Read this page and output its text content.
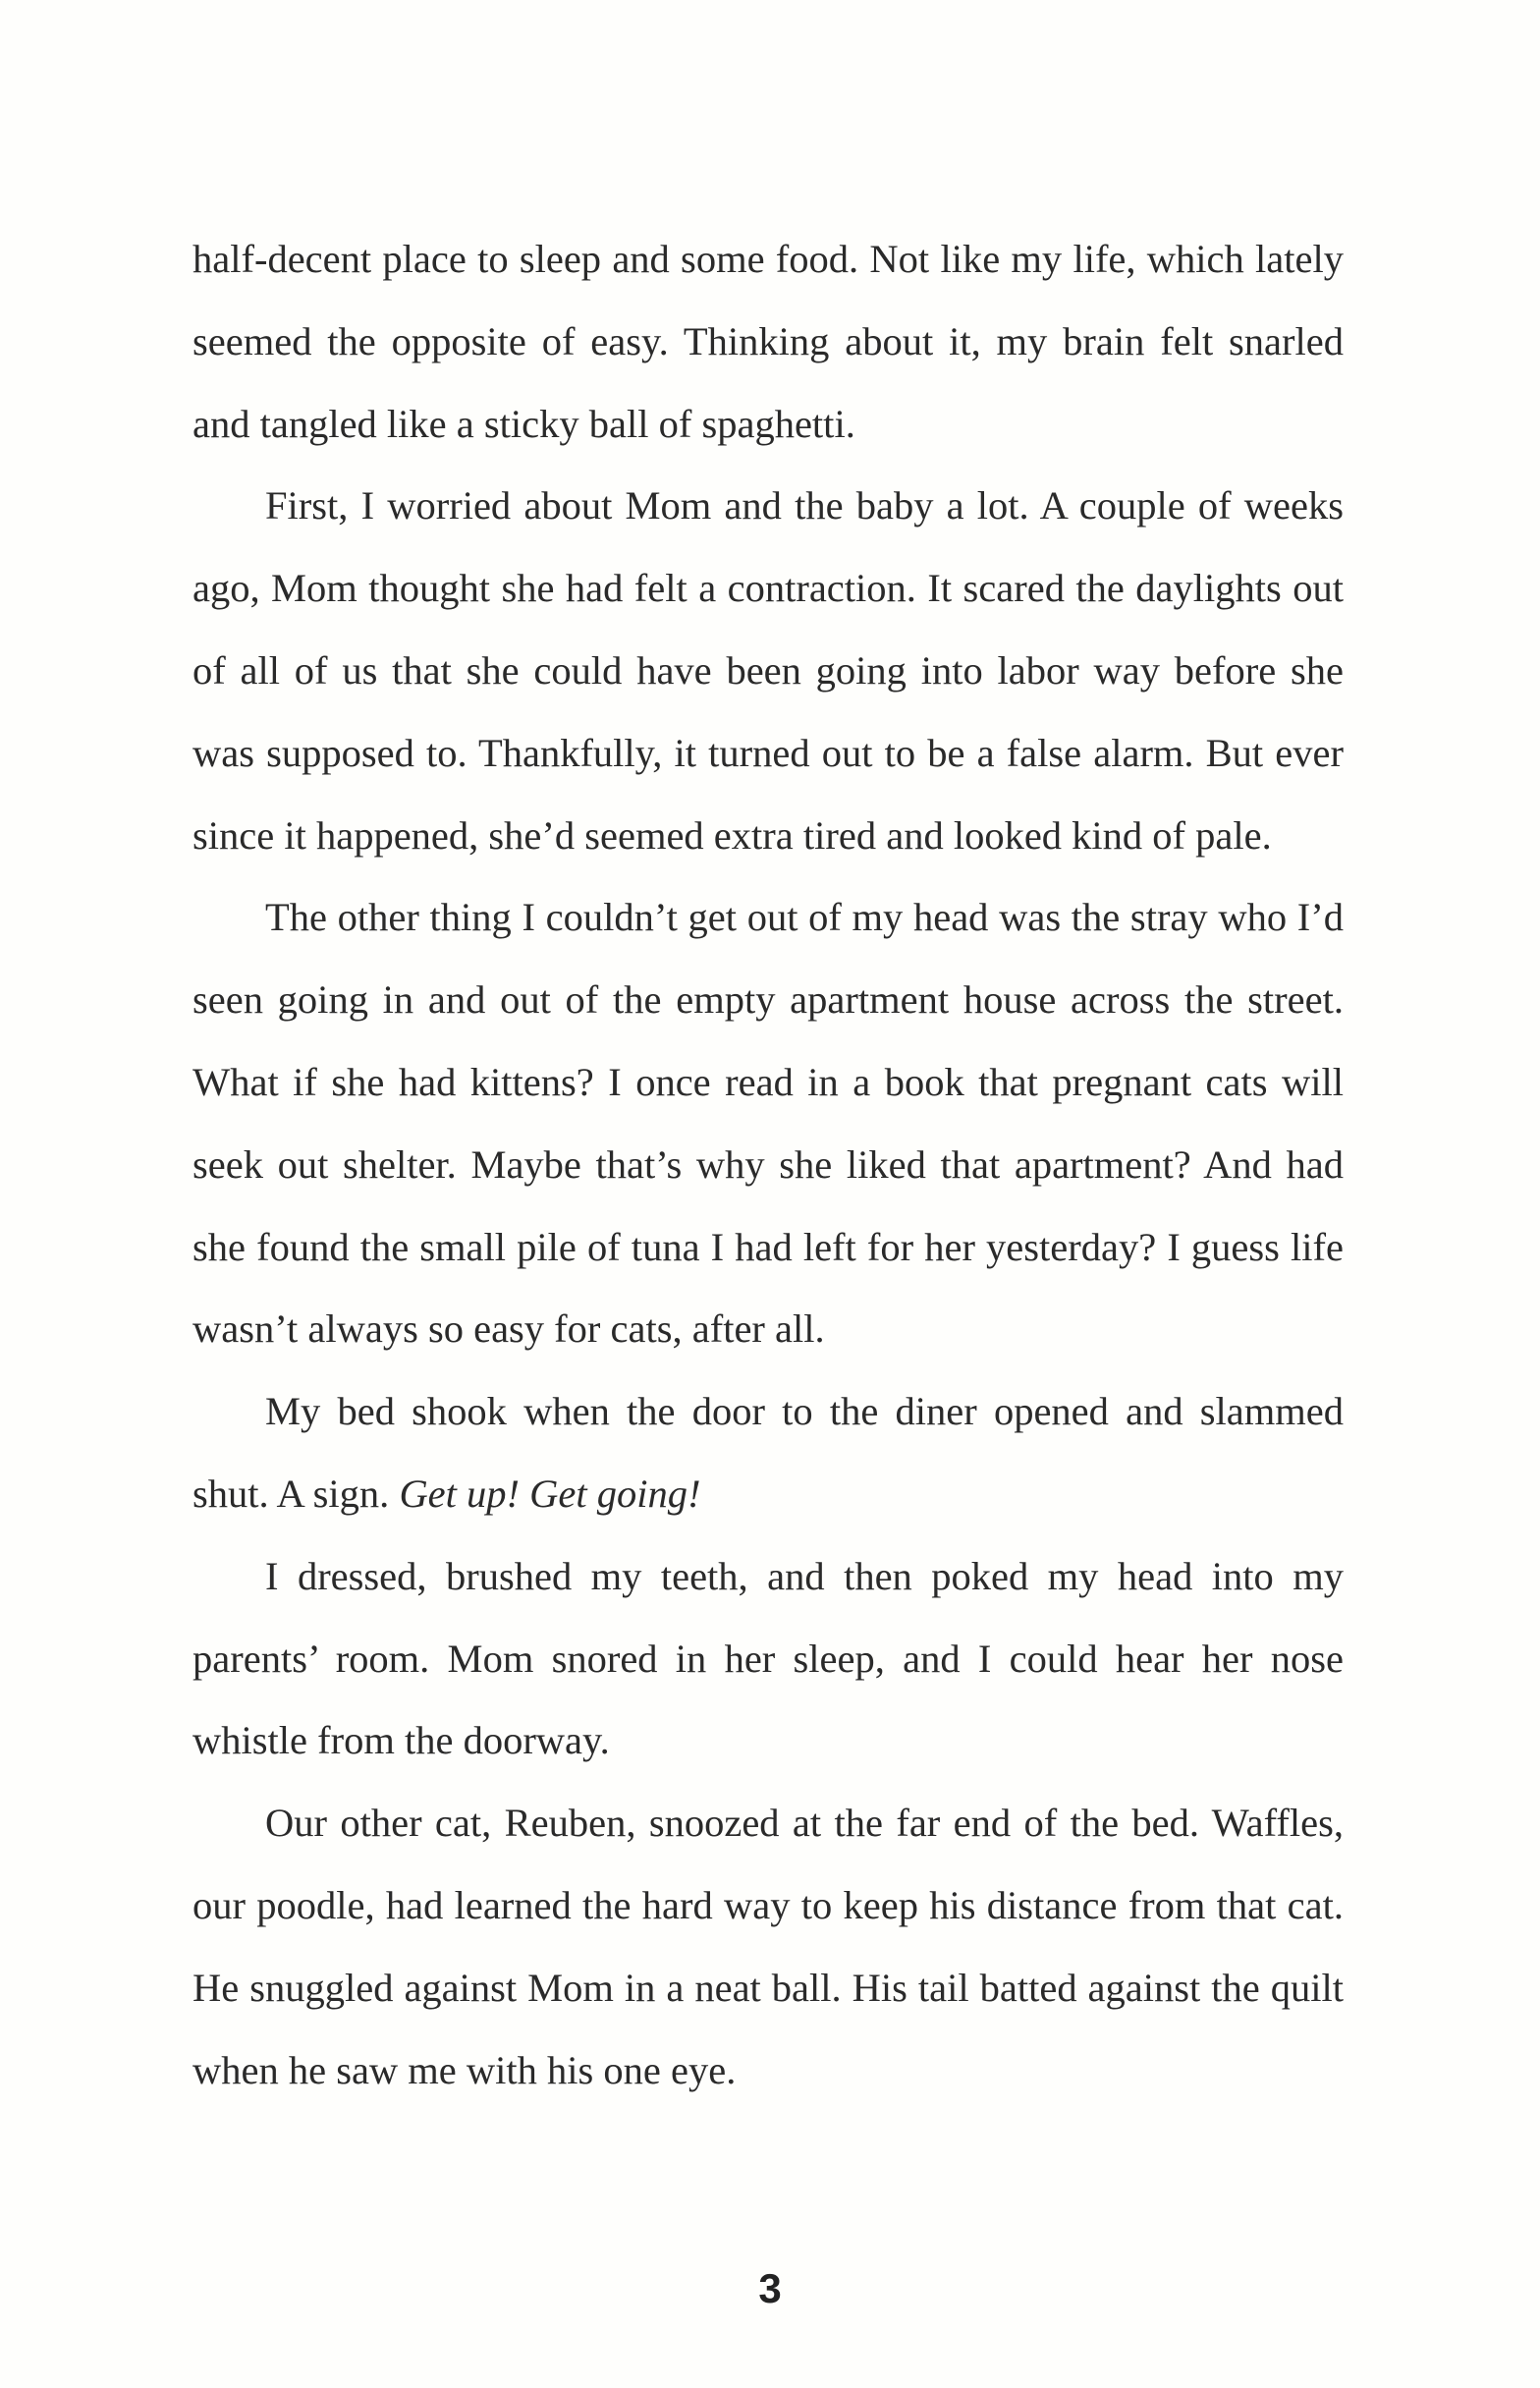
half-decent place to sleep and some food. Not like my life, which lately seemed the opposite of easy. Thinking about it, my brain felt snarled and tangled like a sticky ball of spaghetti.

First, I worried about Mom and the baby a lot. A couple of weeks ago, Mom thought she had felt a contraction. It scared the daylights out of all of us that she could have been going into labor way before she was supposed to. Thankfully, it turned out to be a false alarm. But ever since it happened, she’d seemed extra tired and looked kind of pale.

The other thing I couldn’t get out of my head was the stray who I’d seen going in and out of the empty apartment house across the street. What if she had kittens? I once read in a book that pregnant cats will seek out shelter. Maybe that’s why she liked that apartment? And had she found the small pile of tuna I had left for her yesterday? I guess life wasn’t always so easy for cats, after all.

My bed shook when the door to the diner opened and slammed shut. A sign. Get up! Get going!

I dressed, brushed my teeth, and then poked my head into my parents’ room. Mom snored in her sleep, and I could hear her nose whistle from the doorway.

Our other cat, Reuben, snoozed at the far end of the bed. Waffles, our poodle, had learned the hard way to keep his distance from that cat. He snuggled against Mom in a neat ball. His tail batted against the quilt when he saw me with his one eye.

3
